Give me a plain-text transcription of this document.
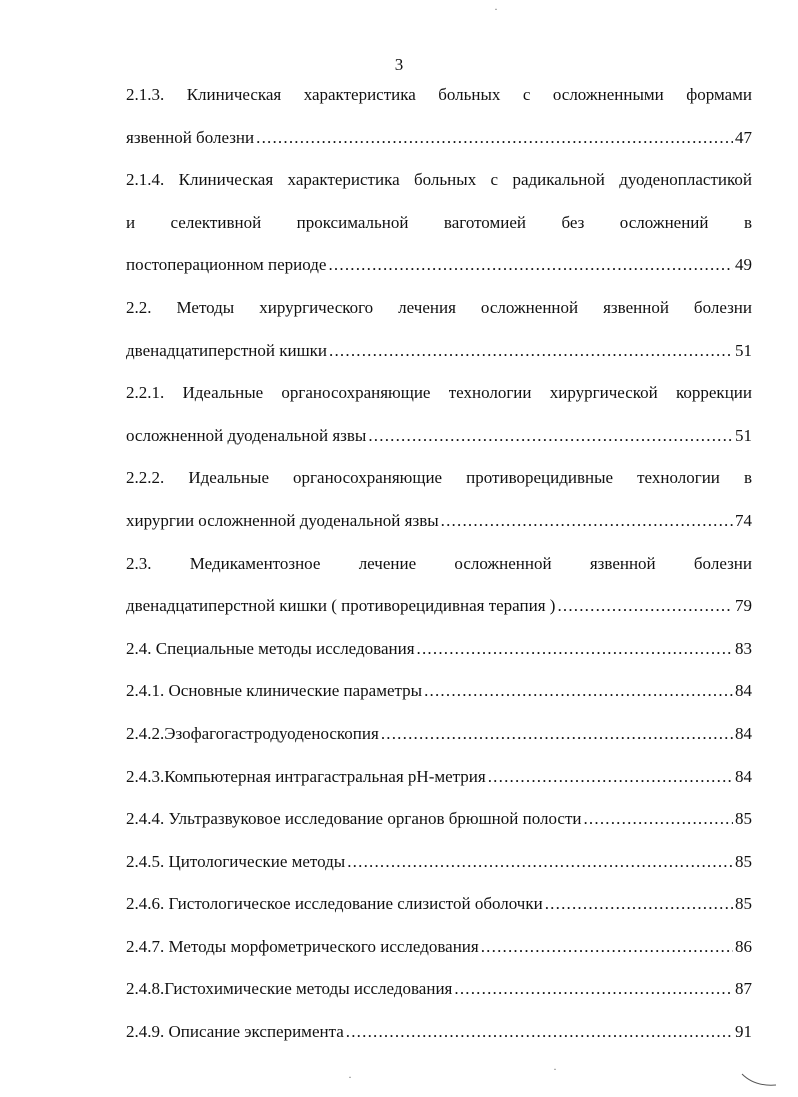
3
2.1.3. Клиническая характеристика больных с осложненными формами
язвенной болезни .....	47
2.1.4. Клиническая характеристика больных с радикальной дуоденопластикой
и селективной проксимальной ваготомией без осложнений в
постоперационном периоде .....	49
2.2. Методы хирургического лечения осложненной язвенной болезни
двенадцатиперстной кишки .....	51
2.2.1. Идеальные органосохраняющие технологии хирургической коррекции
осложненной дуоденальной язвы .....	51
2.2.2. Идеальные органосохраняющие противорецидивные технологии в
хирургии осложненной дуоденальной язвы .....	74
2.3. Медикаментозное лечение осложненной язвенной болезни
двенадцатиперстной кишки ( противорецидивная терапия ) .....	79
2.4. Специальные методы исследования .....	83
2.4.1. Основные клинические параметры .....	84
2.4.2.Эзофагогастродуоденоскопия .....	84
2.4.3.Компьютерная интрагастральная рН-метрия .....	84
2.4.4. Ультразвуковое исследование органов брюшной полости .....	85
2.4.5. Цитологические методы .....	85
2.4.6. Гистологическое исследование слизистой оболочки .....	85
2.4.7. Методы морфометрического исследования .....	86
2.4.8.Гистохимические методы исследования .....	87
2.4.9. Описание эксперимента .....	91
·
·
·
